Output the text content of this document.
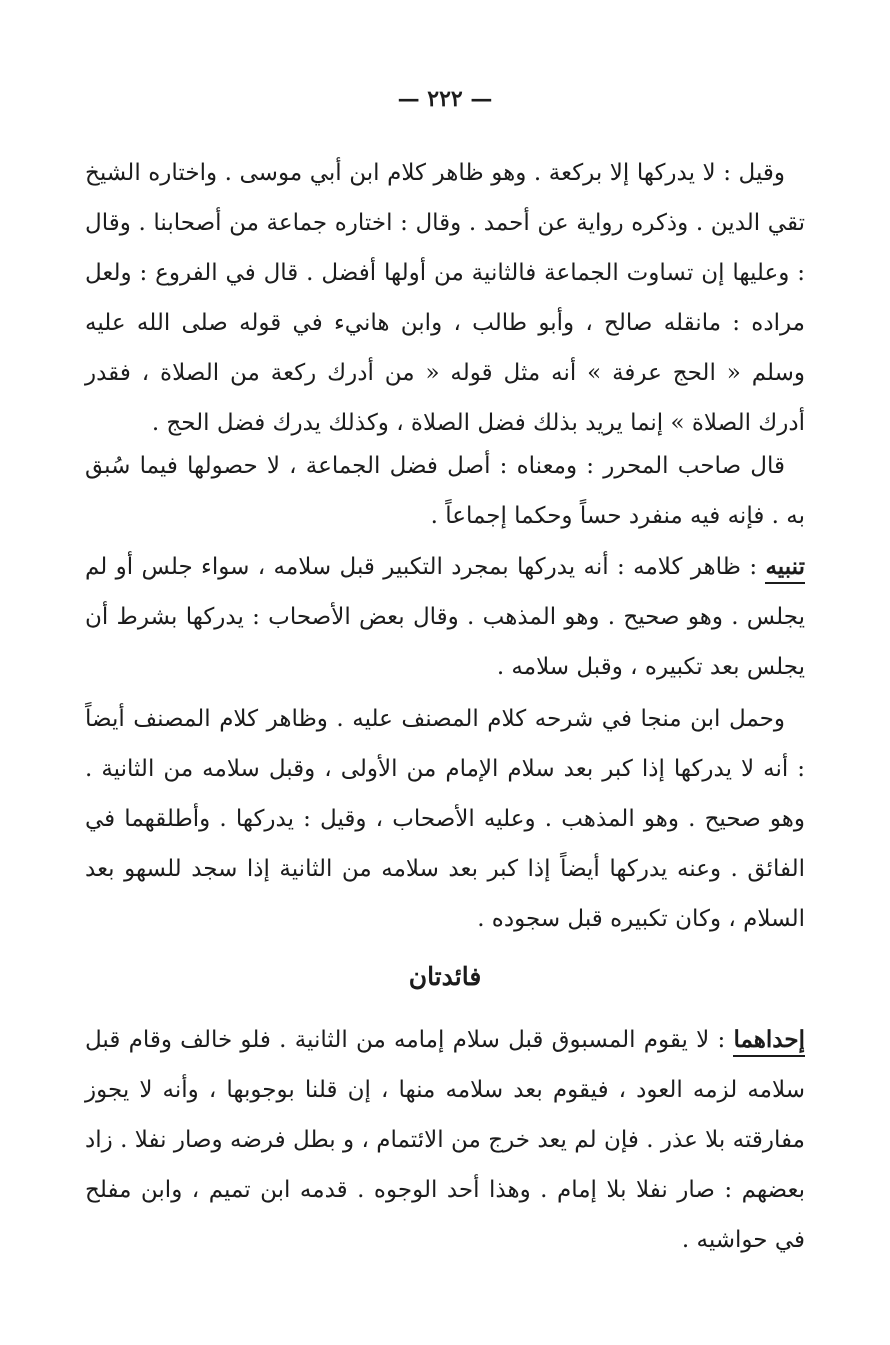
— ٢٢٢ —

وقيل : لا يدركها إلا بركعة . وهو ظاهر كلام ابن أبي موسى . واختاره الشيخ تقي الدين . وذكره رواية عن أحمد . وقال : اختاره جماعة من أصحابنا . وقال : وعليها إن تساوت الجماعة فالثانية من أولها أفضل . قال في الفروع : ولعل مراده : مانقله صالح ، وأبو طالب ، وابن هانيء في قوله صلى الله عليه وسلم « الحج عرفة » أنه مثل قوله « من أدرك ركعة من الصلاة ، فقدر أدرك الصلاة » إنما يريد بذلك فضل الصلاة ، وكذلك يدرك فضل الحج .

قال صاحب المحرر : ومعناه : أصل فضل الجماعة ، لا حصولها فيما سُبق به . فإنه فيه منفرد حساً وحكما إجماعاً .

تنبيه : ظاهر كلامه : أنه يدركها بمجرد التكبير قبل سلامه ، سواء جلس أو لم يجلس . وهو صحيح . وهو المذهب . وقال بعض الأصحاب : يدركها بشرط أن يجلس بعد تكبيره ، وقبل سلامه .

وحمل ابن منجا في شرحه كلام المصنف عليه . وظاهر كلام المصنف أيضاً : أنه لا يدركها إذا كبر بعد سلام الإمام من الأولى ، وقبل سلامه من الثانية . وهو صحيح . وهو المذهب . وعليه الأصحاب ، وقيل : يدركها . وأطلقهما في الفائق . وعنه يدركها أيضاً إذا كبر بعد سلامه من الثانية إذا سجد للسهو بعد السلام ، وكان تكبيره قبل سجوده .

فائدتان

إحداهما : لا يقوم المسبوق قبل سلام إمامه من الثانية . فلو خالف وقام قبل سلامه لزمه العود ، فيقوم بعد سلامه منها ، إن قلنا بوجوبها ، وأنه لا يجوز مفارقته بلا عذر . فإن لم يعد خرج من الائتمام ، و بطل فرضه وصار نفلا . زاد بعضهم : صار نفلا بلا إمام . وهذا أحد الوجوه . قدمه ابن تميم ، وابن مفلح في حواشيه .
